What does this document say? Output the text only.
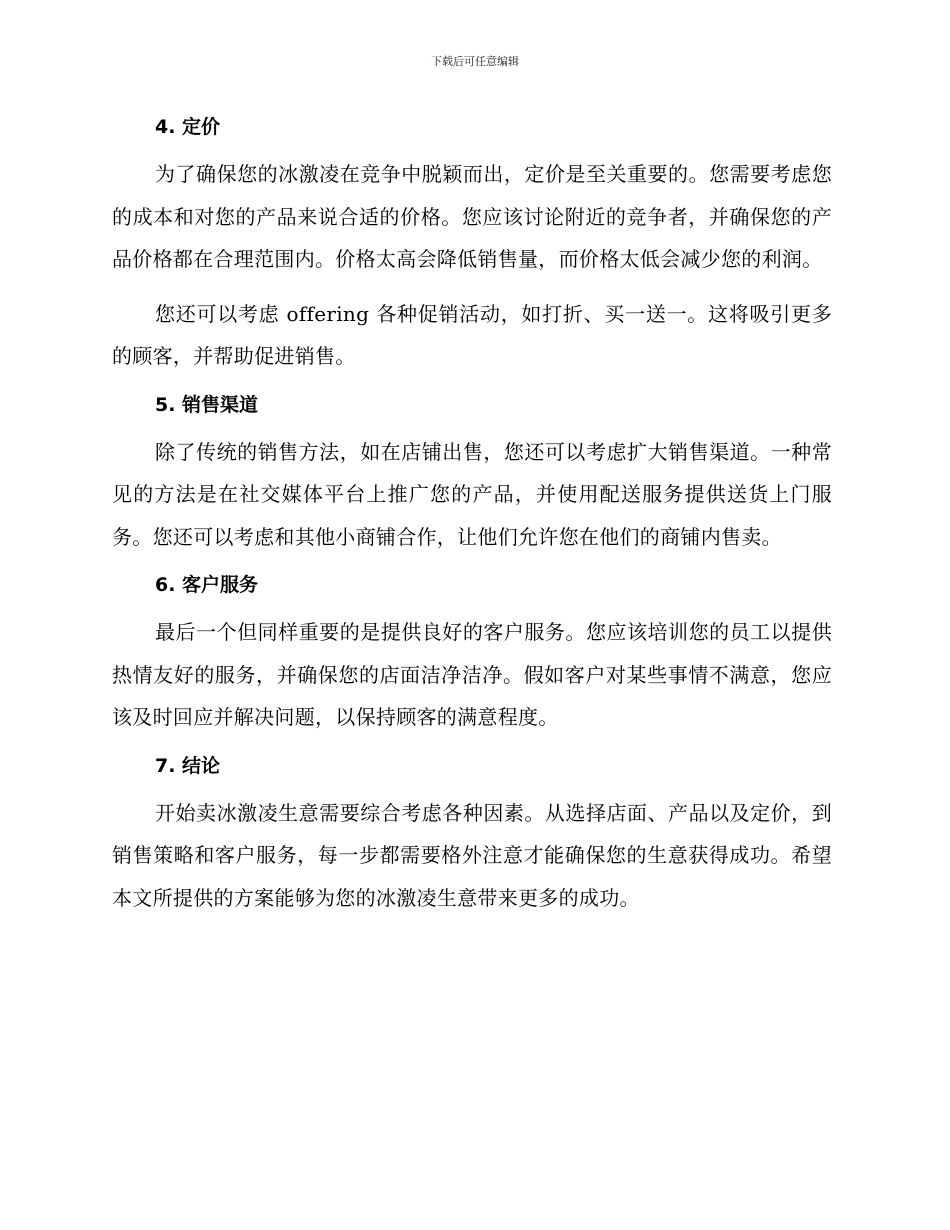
下载后可任意编辑
4. 定价

为了确保您的冰激凌在竞争中脱颖而出，定价是至关重要的。您需要考虑您的成本和对您的产品来说合适的价格。您应该讨论附近的竞争者，并确保您的产品价格都在合理范围内。价格太高会降低销售量，而价格太低会减少您的利润。

您还可以考虑 offering 各种促销活动，如打折、买一送一。这将吸引更多的顾客，并帮助促进销售。

5. 销售渠道

除了传统的销售方法，如在店铺出售，您还可以考虑扩大销售渠道。一种常见的方法是在社交媒体平台上推广您的产品，并使用配送服务提供送货上门服务。您还可以考虑和其他小商铺合作，让他们允许您在他们的商铺内售卖。

6. 客户服务

最后一个但同样重要的是提供良好的客户服务。您应该培训您的员工以提供热情友好的服务，并确保您的店面洁净洁净。假如客户对某些事情不满意，您应该及时回应并解决问题，以保持顾客的满意程度。

7. 结论

开始卖冰激凌生意需要综合考虑各种因素。从选择店面、产品以及定价，到销售策略和客户服务，每一步都需要格外注意才能确保您的生意获得成功。希望本文所提供的方案能够为您的冰激凌生意带来更多的成功。
